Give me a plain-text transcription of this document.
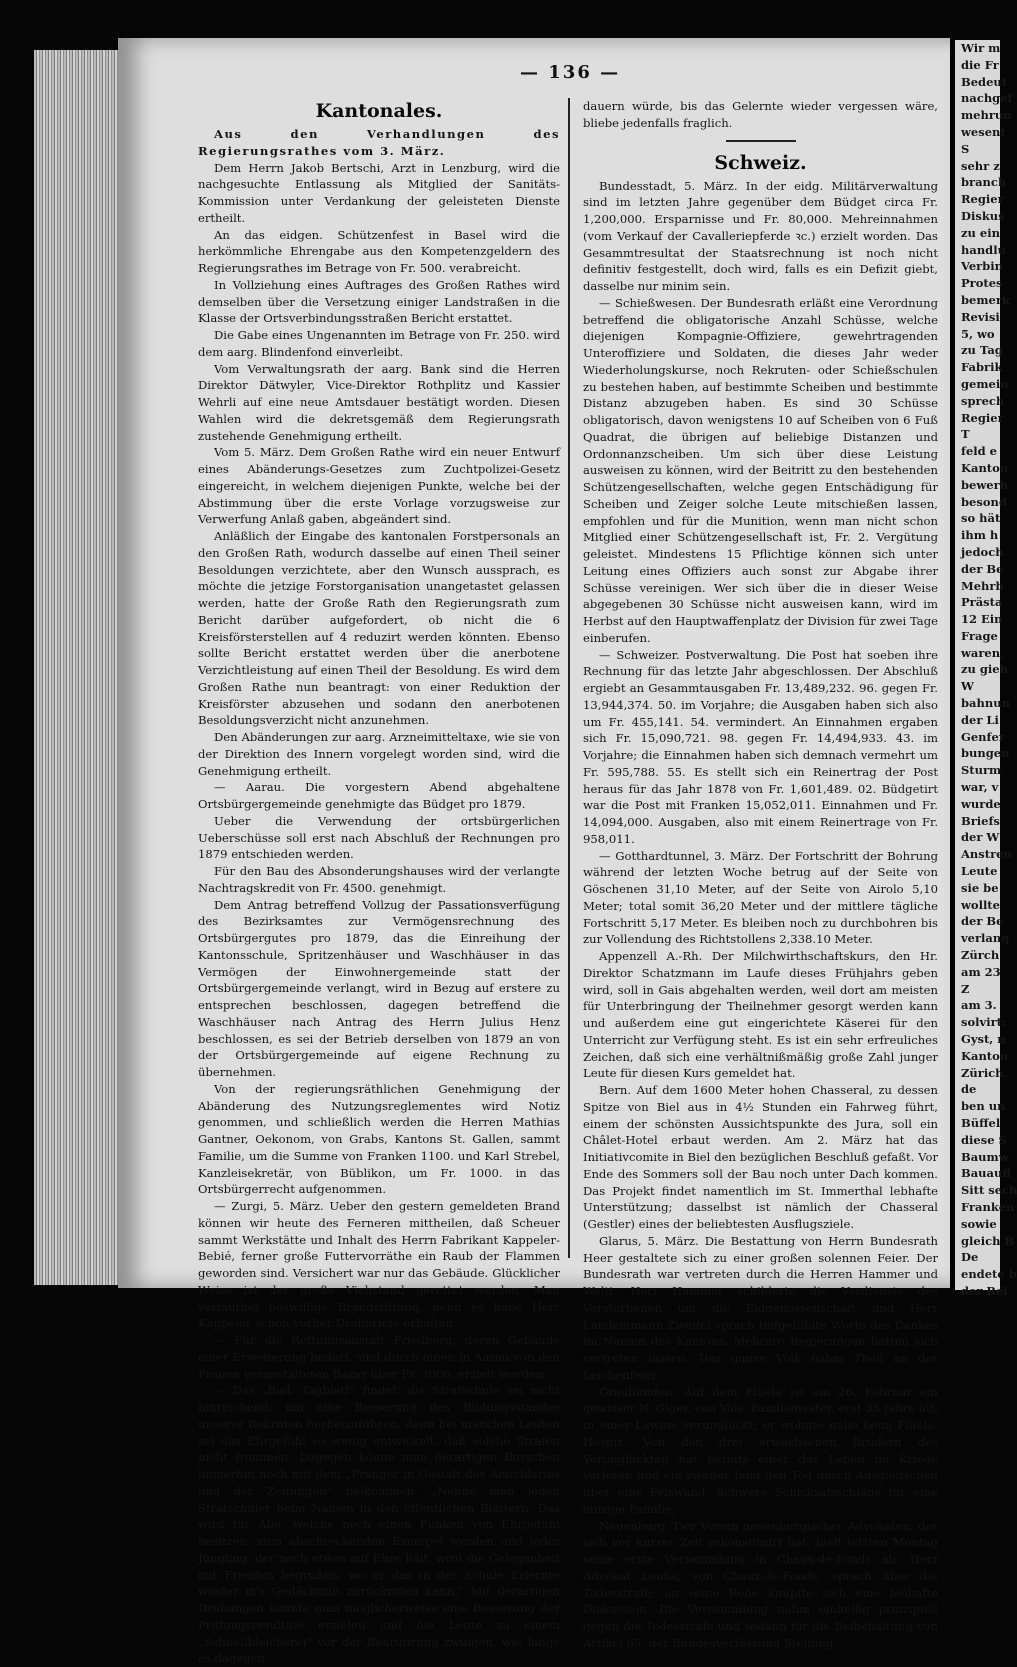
— 136 —
Kantonales.

Aus den Verhandlungen des Regierungsrathes vom 3. März.

Dem Herrn Jakob Bertschi, Arzt in Lenzburg, wird die nachgesuchte Entlassung als Mitglied der Sanitäts-Kommission unter Verdankung der geleisteten Dienste ertheilt.

An das eidgen. Schützenfest in Basel wird die herkömmliche Ehrengabe aus den Kompetenzgeldern des Regierungsrathes im Betrage von Fr. 500. verabreicht.

In Vollziehung eines Auftrages des Großen Rathes wird demselben über die Versetzung einiger Landstraßen in die Klasse der Ortsverbindungsstraßen Bericht erstattet.

Die Gabe eines Ungenannten im Betrage von Fr. 250. wird dem aarg. Blindenfond einverleibt.

Vom Verwaltungsrath der aarg. Bank sind die Herren Direktor Dätwyler, Vice-Direktor Rothplitz und Kassier Wehrli auf eine neue Amtsdauer bestätigt worden. Diesen Wahlen wird die dekretsgemäß dem Regierungsrath zustehende Genehmigung ertheilt.

Vom 5. März. Dem Großen Rathe wird ein neuer Entwurf eines Abänderungs-Gesetzes zum Zuchtpolizei-Gesetz eingereicht, in welchem diejenigen Punkte, welche bei der Abstimmung über die erste Vorlage vorzugsweise zur Verwerfung Anlaß gaben, abgeändert sind.

Anläßlich der Eingabe des kantonalen Forstpersonals an den Großen Rath, wodurch dasselbe auf einen Theil seiner Besoldungen verzichtete, aber den Wunsch aussprach, es möchte die jetzige Forstorganisation unangetastet gelassen werden, hatte der Große Rath den Regierungsrath zum Bericht darüber aufgefordert, ob nicht die 6 Kreisförsterstellen auf 4 reduzirt werden könnten. Ebenso sollte Bericht erstattet werden über die anerbotene Verzichtleistung auf einen Theil der Besoldung. Es wird dem Großen Rathe nun beantragt: von einer Reduktion der Kreisförster abzusehen und sodann den anerbotenen Besoldungsverzicht nicht anzunehmen.

Den Abänderungen zur aarg. Arzneimitteltaxe, wie sie von der Direktion des Innern vorgelegt worden sind, wird die Genehmigung ertheilt.

— Aarau. Die vorgestern Abend abgehaltene Ortsbürgergemeinde genehmigte das Büdget pro 1879.

Ueber die Verwendung der ortsbürgerlichen Ueberschüsse soll erst nach Abschluß der Rechnungen pro 1879 entschieden werden.

Für den Bau des Absonderungshauses wird der verlangte Nachtragskredit von Fr. 4500. genehmigt.

Dem Antrag betreffend Vollzug der Passationsverfügung des Bezirksamtes zur Vermögensrechnung des Ortsbürgergutes pro 1879, das die Einreihung der Kantonsschule, Spritzenhäuser und Waschhäuser in das Vermögen der Einwohnergemeinde statt der Ortsbürgergemeinde verlangt, wird in Bezug auf erstere zu entsprechen beschlossen, dagegen betreffend die Waschhäuser nach Antrag des Herrn Julius Henz beschlossen, es sei der Betrieb derselben von 1879 an von der Ortsbürgergemeinde auf eigene Rechnung zu übernehmen.

Von der regierungsräthlichen Genehmigung der Abänderung des Nutzungsreglementes wird Notiz genommen, und schließlich werden die Herren Mathias Gantner, Oekonom, von Grabs, Kantons St. Gallen, sammt Familie, um die Summe von Franken 1100. und Karl Strebel, Kanzleisekretär, von Büblikon, um Fr. 1000. in das Ortsbürgerrecht aufgenommen.

— Zurgi, 5. März. Ueber den gestern gemeldeten Brand können wir heute des Ferneren mittheilen, daß Scheuer sammt Werkstätte und Inhalt des Herrn Fabrikant Kappeler-Bebié, ferner große Futtervorräthe ein Raub der Flammen geworden sind. Versichert war nur das Gebäude. Glücklicher Weise ist der große Viehstand gerettet worden. Man vermuthet böswillige Brandstiftung, denn es habe Herr Kappeler schon vorher Drohbriefe erhalten.

— Für die Rettungsanstalt Friedberg, deren Gebäude einer Erweiterung bedarf, sind durch einen in Aarau von den Frauen veranstalteten Bazar über Fr. 3000. erzielt worden.

— Das „Bad. Tagblatt“ findet, die Strafschule sei nicht hinreichend, um eine Besserung des Bildungsstandes unserer Rekruten herbeizuführen, denn bei manchen Leuten sei das Ehrgefühl so wenig entwickelt, daß solche Strafen nicht frommen. Dagegen könne man derartigen Burschen immerhin noch mit dem „Pranger in Gestalt des Amtsblattes und der Zeitungen“ beikommen. „Nenne man jeden Strafschüler beim Namen in den öffentlichen Blättern. Das wird für Alle, welche noch einen Funken von Ehrgefühl besitzen, zum abschreckenden Exempel werden und jeder Jüngling, der noch etwas auf Ehre hält, wird die Gelegenheit mit Freuden begrüßen, wo er das in der Schule Erlernte wieder in's Gedächtniß zurückrufen kann.“ Mit derartigen Drohungen könnte man möglicherweise eine Besserung der Prüfungsresultate erzielen und die Leute zu einem „Schnellbleicherei“ vor der Rekrutirung zwingen; wie lange es dagegen

dauern würde, bis das Gelernte wieder vergessen wäre, bliebe jedenfalls fraglich.

Schweiz.

Bundesstadt, 5. März. In der eidg. Militärverwaltung sind im letzten Jahre gegenüber dem Büdget circa Fr. 1,200,000. Ersparnisse und Fr. 80,000. Mehreinnahmen (vom Verkauf der Cavalleriepferde ꝛc.) erzielt worden. Das Gesammtresultat der Staatsrechnung ist noch nicht definitiv festgestellt, doch wird, falls es ein Defizit giebt, dasselbe nur minim sein.

— Schießwesen. Der Bundesrath erläßt eine Verordnung betreffend die obligatorische Anzahl Schüsse, welche diejenigen Kompagnie-Offiziere, gewehrtragenden Unteroffiziere und Soldaten, die dieses Jahr weder Wiederholungskurse, noch Rekruten- oder Schießschulen zu bestehen haben, auf bestimmte Scheiben und bestimmte Distanz abzugeben haben. Es sind 30 Schüsse obligatorisch, davon wenigstens 10 auf Scheiben von 6 Fuß Quadrat, die übrigen auf beliebige Distanzen und Ordonnanzscheiben. Um sich über diese Leistung ausweisen zu können, wird der Beitritt zu den bestehenden Schützengesellschaften, welche gegen Entschädigung für Scheiben und Zeiger solche Leute mitschießen lassen, empfohlen und für die Munition, wenn man nicht schon Mitglied einer Schützengesellschaft ist, Fr. 2. Vergütung geleistet. Mindestens 15 Pflichtige können sich unter Leitung eines Offiziers auch sonst zur Abgabe ihrer Schüsse vereinigen. Wer sich über die in dieser Weise abgegebenen 30 Schüsse nicht ausweisen kann, wird im Herbst auf den Hauptwaffenplatz der Division für zwei Tage einberufen.

— Schweizer. Postverwaltung. Die Post hat soeben ihre Rechnung für das letzte Jahr abgeschlossen. Der Abschluß ergiebt an Gesammtausgaben Fr. 13,489,232. 96. gegen Fr. 13,944,374. 50. im Vorjahre; die Ausgaben haben sich also um Fr. 455,141. 54. vermindert. An Einnahmen ergaben sich Fr. 15,090,721. 98. gegen Fr. 14,494,933. 43. im Vorjahre; die Einnahmen haben sich demnach vermehrt um Fr. 595,788. 55. Es stellt sich ein Reinertrag der Post heraus für das Jahr 1878 von Fr. 1,601,489. 02. Büdgetirt war die Post mit Franken 15,052,011. Einnahmen und Fr. 14,094,000. Ausgaben, also mit einem Reinertrage von Fr. 958,011.

— Gotthardtunnel, 3. März. Der Fortschritt der Bohrung während der letzten Woche betrug auf der Seite von Göschenen 31,10 Meter, auf der Seite von Airolo 5,10 Meter; total somit 36,20 Meter und der mittlere tägliche Fortschritt 5,17 Meter. Es bleiben noch zu durchbohren bis zur Vollendung des Richtstollens 2,338.10 Meter.

Appenzell A.-Rh. Der Milchwirthschaftskurs, den Hr. Direktor Schatzmann im Laufe dieses Frühjahrs geben wird, soll in Gais abgehalten werden, weil dort am meisten für Unterbringung der Theilnehmer gesorgt werden kann und außerdem eine gut eingerichtete Käserei für den Unterricht zur Verfügung steht. Es ist ein sehr erfreuliches Zeichen, daß sich eine verhältnißmäßig große Zahl junger Leute für diesen Kurs gemeldet hat.

Bern. Auf dem 1600 Meter hohen Chasseral, zu dessen Spitze von Biel aus in 4½ Stunden ein Fahrweg führt, einem der schönsten Aussichtspunkte des Jura, soll ein Châlet-Hotel erbaut werden. Am 2. März hat das Initiativcomite in Biel den bezüglichen Beschluß gefaßt. Vor Ende des Sommers soll der Bau noch unter Dach kommen. Das Projekt findet namentlich im St. Immerthal lebhafte Unterstützung; dasselbst ist nämlich der Chasseral (Gestler) eines der beliebtesten Ausflugsziele.

Glarus, 5. März. Die Bestattung von Herrn Bundesrath Heer gestaltete sich zu einer großen solennen Feier. Der Bundesrath war vertreten durch die Herren Hammer und Welti. Herr Hammer schilderte die Verdienste des Verstorbenen um die Eidgenossenschaft und Herr Landammann Zweifel sprach tiefgefühlte Worte des Dankes im Namen des Kantons. Mehrere Regierungen hatten sich vertreten lassen. Das ganze Volk nahm Theil an der Leichenfeier.

Graubünden. Auf dem Flüela ist am 26. Februar ein gewisser N. Giger, von Vals, Familienvater, erst 35 Jahre alt, in einer Lawine verunglückt; er wohnte nahe beim Flüela-Hospiz. Von den drei erwachsenen Brüdern des Verunglückten hat bereits einer das Leben im Kriege verloren und ein zweiter fand den Tod durch Ausgleitschen über eine Felswand. Schwere Schicksalsschläge für eine einzige Familie.

Neuenburg. Der Verein neuenburgischer Advokaten, der sich vor kurzer Zeit rekonstituirt hat, hielt letzten Montag seine erste Versammlung in Chaux-de-Fonds ab. Herr Advokat Leuba, von Chaux-de-Fonds, sprach über die Todesstrafe; an seine Rede knüpfte sich eine lebhafte Diskussion. Die Versammlung nahm einhellig prinzipiell gegen die Todesstrafe und sodann für die Beibehaltung von Artikel 65. der Bundesverfassung Stellung.

Wir m
die Fr
Bedeut
nachgef
mehrun
wesent
S
sehr z
branch
Regier
Diskus
zu ein
handlu
Verbin
Protes
bemerk
Revisi
5, wo
zu Tag
Fabrik
gemein
sprech
Regier
T
feld e
Kanton
bewerb
besond
so hät
ihm h
jedoch
der Be
Mehrb
Prästa
12 Ein
Frage
waren,
zu gieb
W
bahnun
der Li
Genfer
bungen
Sturm
war, v
wurde
Briefs
der W
Anstren
Leute
sie be
wollte
der Be
verlang
Zürch
am 23
Z
am 3.
solvirt:
Gyst, n
Kanton
Zürich.
de
ben un
Büffel
diese S
Baumw
Bauaufl
Sitt sech
Franken
sowie
gleich B
De
endete b
der Rei
